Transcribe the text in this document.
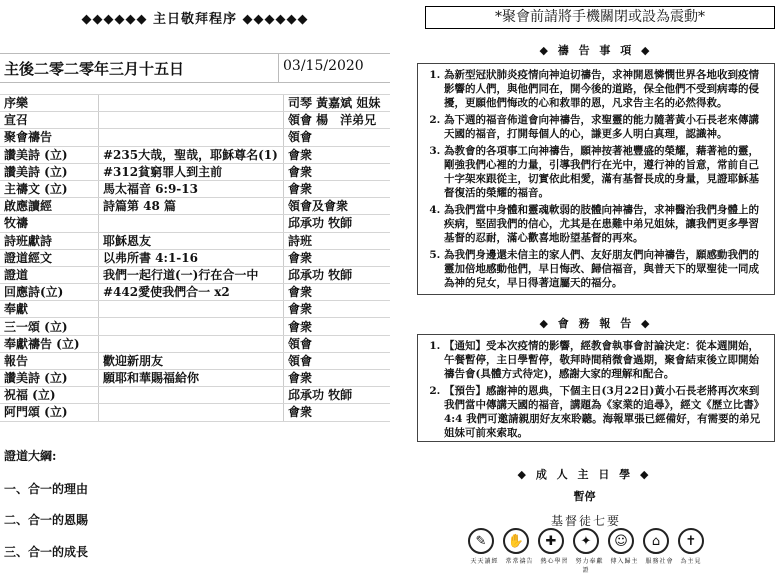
◆◆◆◆◆◆ 主日敬拜程序 ◆◆◆◆◆◆
主後二零二零年三月十五日	03/15/2020
序樂		司琴 黃嘉斌 姐妹
宣召		領會 楊　洋弟兄
聚會禱告		領會
讚美詩 (立)	#235大哉，聖哉，耶穌尊名(1)	會衆
讚美詩 (立)	#312貧窮罪人到主前	會衆
主禱文 (立)	馬太福音 6:9-13	會衆
啟應讀經	詩篇第 48 篇	領會及會衆
牧禱		邱承功 牧師
詩班獻詩	耶穌恩友	詩班
證道經文	以弗所書 4:1-16	會衆
證道	我們一起行道(一)行在合一中	邱承功 牧師
回應詩(立)	#442愛使我們合一 x2	會衆
奉獻		會衆
三一頌 (立)		會衆
奉獻禱告 (立)		領會
報告	歡迎新朋友	領會
讚美詩 (立)	願耶和華賜福給你	會衆
祝福 (立)		邱承功 牧師
阿門頌 (立)		會衆
證道大綱:
一、合一的理由
二、合一的恩賜
三、合一的成長
*聚會前請將手機關閉或設為震動*
◆ 禱 告 事 項 ◆
1. 為新型冠狀肺炎疫情向神迫切禱告，求神開恩憐憫世界各地收到疫情影響的人們，與他們同在，開今後的道路，保全他們不受到病毒的侵擾，更願他們悔改的心和救罪的恩，凡求告主名的必然得救。
2. 為下週的福音佈道會向神禱告，求聖靈的能力隨著黃小石長老來傳講天國的福音，打開每個人的心，謙更多人明白真理，認識神。
3. 為教會的各項事工向神禱告，願神按著祂豐盛的榮耀，藉著祂的靈，剛強我們心裡的力量，引導我們行在光中，遵行神的旨意，常前自己十字架來跟從主，切實依此相愛，滿有基督長成的身量，見證耶穌基督復活的榮耀的福音。
4. 為我們當中身體和靈魂軟弱的肢體向神禱告，求神醫治我們身體上的疾病，堅固我們的信心，尤其是在患難中弟兄姐妹，讓我們更多學習基督的忍耐，滿心歡喜地盼望基督的再來。
5. 為我們身邊還未信主的家人們、友好朋友們向神禱告，願感動我們的靈加倍地感動他們，早日悔改、歸信福音，與普天下的眾聖徒一同成為神的兒女，早日得著這屬天的福分。
◆ 會 務 報 告 ◆
1. 【通知】受本次疫情的影響，經教會執事會討論決定：從本週開始，午餐暫停，主日學暫停，敬拜時間稍微會過期，聚會結束後立即開始禱告會(具體方式待定)，感謝大家的理解和配合。
2. 【預告】感謝神的恩典，下個主日(3月22日)黃小石長老將再次來到我們當中傳講天國的福音，講題為《家業的追尋》，經文《歷立比書》4:4 我們可邀請親朋好友來聆聽。海報單張已經備好，有需要的弟兄姐妹可前來索取。
◆ 成 人 主 日 學 ◆
暫停
基督徒七要
✎	✋	✚	✦	☺	⌂	✝
天天讀經　常常禱告　熱心學習　努力奉獻　傳入歸主　服務社會　為主見證
